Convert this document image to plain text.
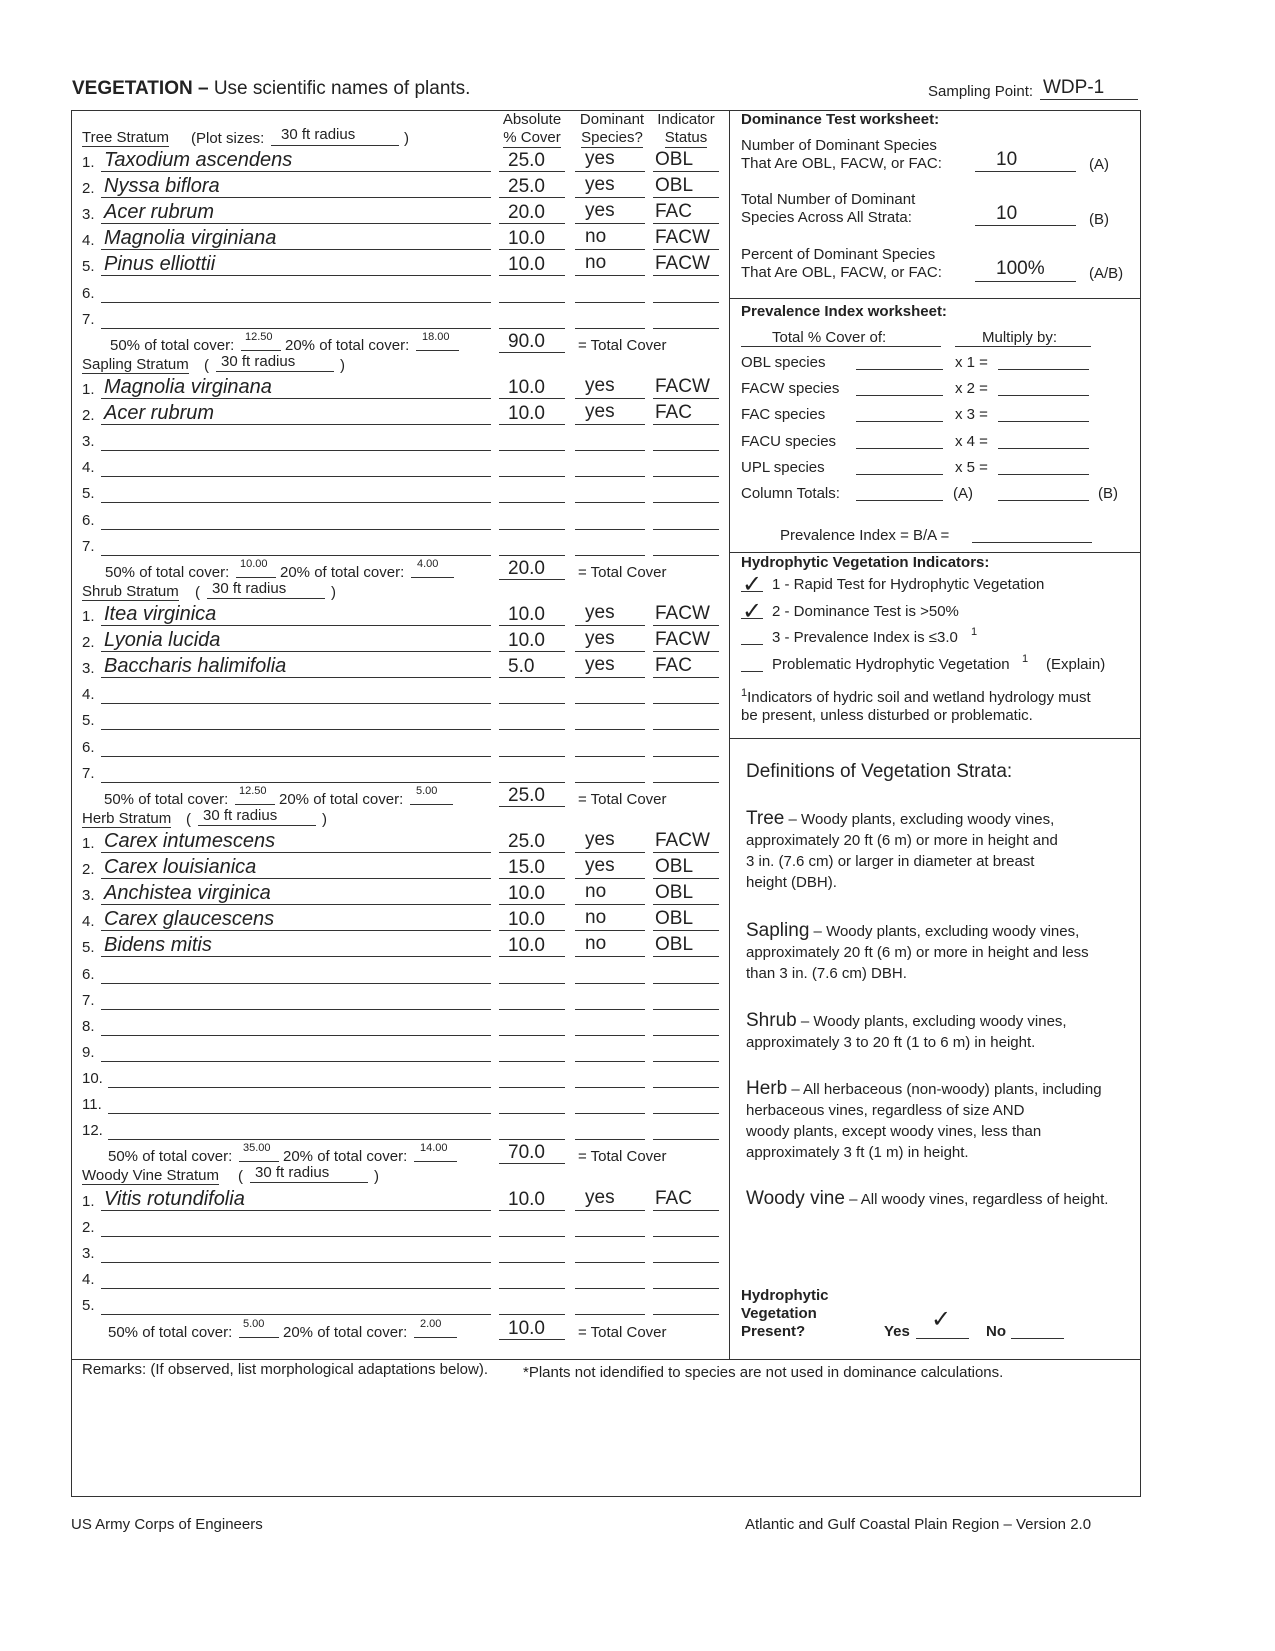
VEGETATION – Use scientific names of plants.	Sampling Point: WDP-1
Absolute
% Cover
Dominant
Species?
Indicator
Status
Tree Stratum (Plot sizes: 30 ft radius	)
1. Taxodium ascendens	25.0 yes OBL
2. Nyssa biflora	25.0 yes OBL
3. Acer rubrum	20.0 yes FAC
4. Magnolia virginiana	10.0 no	FACW
5. Pinus elliottii	10.0 no	FACW
6.
7.
50% of total cover: 12.50 20% of total cover: 18.00	90.0 = Total Cover
Sapling Stratum ( 30 ft radius	)
1. Magnolia virginana	10.0 yes FACW
2. Acer rubrum	10.0 yes FAC
3.
4.
5.
6.
7.
50% of total cover: 10.00 20% of total cover: 4.00	20.0 = Total Cover
Shrub Stratum ( 30 ft radius	)
1. Itea virginica	10.0 yes FACW
2. Lyonia lucida	10.0 yes FACW
3. Baccharis halimifolia	5.0	yes FAC
4.
5.
6.
7.
50% of total cover: 12.50 20% of total cover: 5.00	25.0 = Total Cover
Herb Stratum ( 30 ft radius	)
1. Carex intumescens	25.0 yes FACW
2. Carex louisianica	15.0 yes OBL
3. Anchistea virginica	10.0 no	OBL
4. Carex glaucescens	10.0 no	OBL
5. Bidens mitis	10.0 no	OBL
6.
7.
8.
9.
10.
11.
12.
50% of total cover: 35.00 20% of total cover: 14.00	70.0 = Total Cover
Woody Vine Stratum ( 30 ft radius	)
1. Vitis rotundifolia	10.0 yes FAC
2.
3.
4.
5.
50% of total cover: 5.00 20% of total cover: 2.00	10.0 = Total Cover
Dominance Test worksheet:
Number of Dominant Species
That Are OBL, FACW, or FAC:	10	(A)
Total Number of Dominant
Species Across All Strata:	10	(B)
Percent of Dominant Species
That Are OBL, FACW, or FAC:	100%	(A/B)
Prevalence Index worksheet:
Total % Cover of:	Multiply by:
OBL species	x 1 =
FACW species	x 2 =
FAC species	x 3 =
FACU species	x 4 =
UPL species	x 5 =
Column Totals:	(A)	(B)
Prevalence Index = B/A =
Hydrophytic Vegetation Indicators:
✓ 1 - Rapid Test for Hydrophytic Vegetation
✓ 2 - Dominance Test is >50%
3 - Prevalence Index is ≤3.0 1
Problematic Hydrophytic Vegetation 1 (Explain)
$^1$Indicators of hydric soil and wetland hydrology must
be present, unless disturbed or problematic.
Definitions of Vegetation Strata:
Tree – Woody plants, excluding woody vines,
approximately 20 ft (6 m) or more in height and
3 in. (7.6 cm) or larger in diameter at breast
height (DBH).
Sapling – Woody plants, excluding woody vines,
approximately 20 ft (6 m) or more in height and less
than 3 in. (7.6 cm) DBH.
Shrub – Woody plants, excluding woody vines,
approximately 3 to 20 ft (1 to 6 m) in height.
Herb – All herbaceous (non-woody) plants, including
herbaceous vines, regardless of size AND
woody plants, except woody vines, less than
approximately 3 ft (1 m) in height.
Woody vine – All woody vines, regardless of height.
Hydrophytic
Vegetation
Present?	Yes ✓ No
Remarks: (If observed, list morphological adaptations below). *Plants not idendified to species are not used in dominance calculations.
US Army Corps of Engineers	Atlantic and Gulf Coastal Plain Region – Version 2.0
